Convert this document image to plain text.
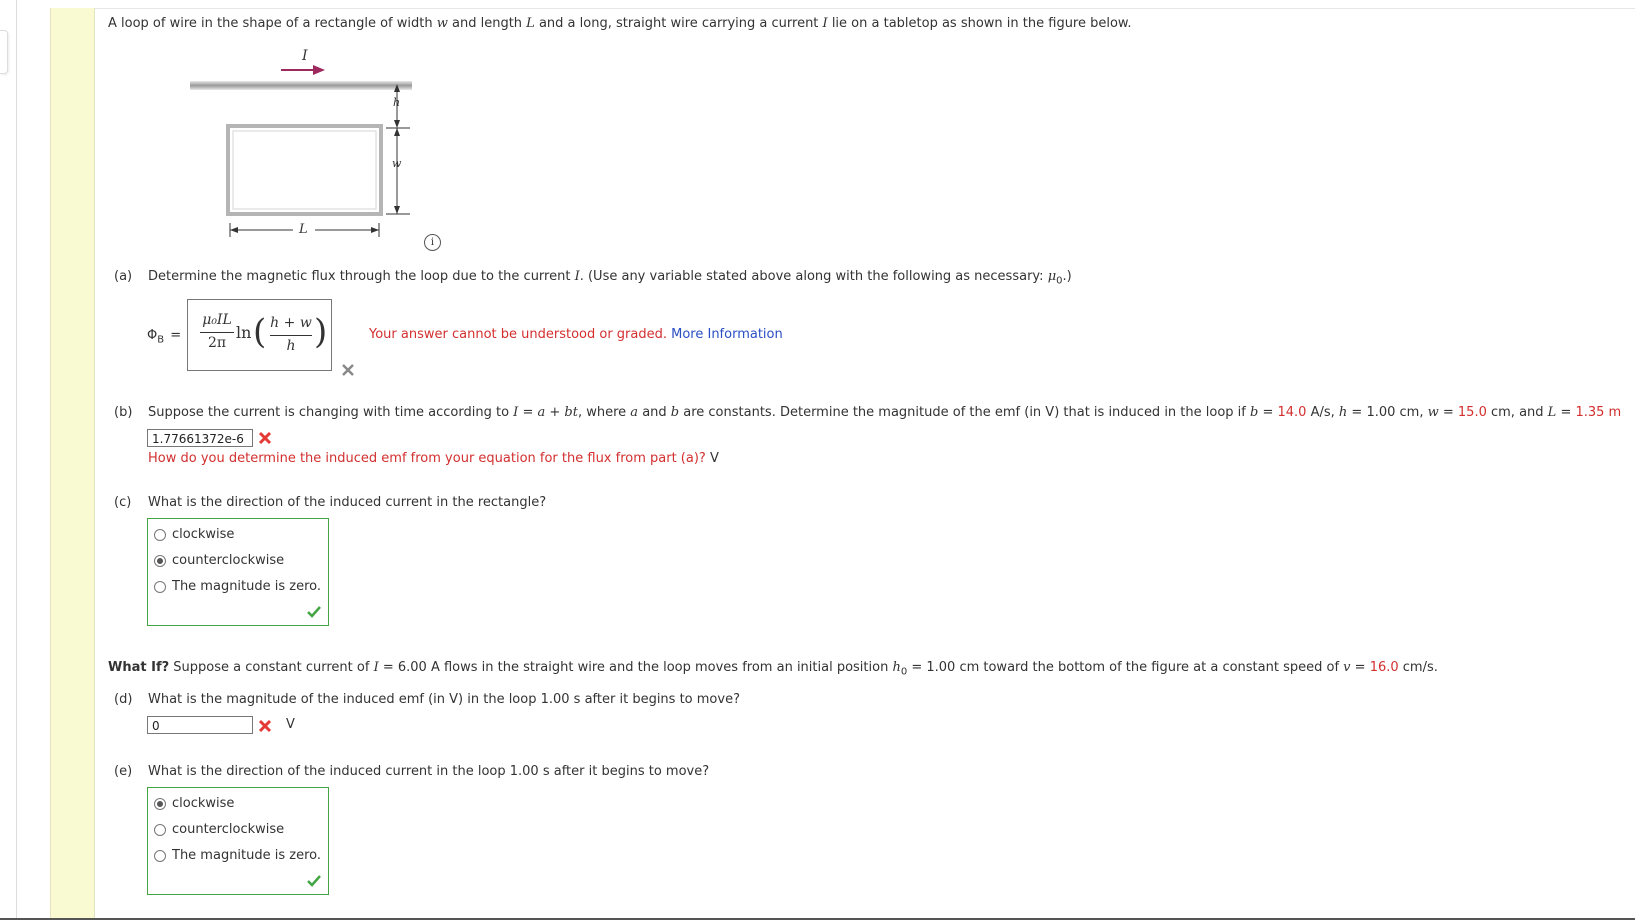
A loop of wire in the shape of a rectangle of width w and length L and a long, straight wire carrying a current I lie on a tabletop as shown in the figure below.
I
h
w
L
i
(a) Determine the magnetic flux through the loop due to the current I. (Use any variable stated above along with the following as necessary: $\mu_0$.)
$\Phi_B$ =
μ₀IL
2π
ln ( h + w
h )	Your answer cannot be understood or graded. More Information
(b) Suppose the current is changing with time according to I = a + bt, where a and b are constants. Determine the magnitude of the emf (in V) that is induced in the loop if b = 14.0 A/s, h = 1.00 cm, w = 15.0 cm, and L = 1.35 m
1.77661372e-6
How do you determine the induced emf from your equation for the flux from part (a)? V
(c) What is the direction of the induced current in the rectangle?
clockwise
counterclockwise
The magnitude is zero.
What If? Suppose a constant current of I = 6.00 A flows in the straight wire and the loop moves from an initial position $h_0 = 1.00$ cm toward the bottom of the figure at a constant speed of v = 16.0 cm/s.
(d) What is the magnitude of the induced emf (in V) in the loop 1.00 s after it begins to move?
0	V
(e) What is the direction of the induced current in the loop 1.00 s after it begins to move?
clockwise
counterclockwise
The magnitude is zero.
